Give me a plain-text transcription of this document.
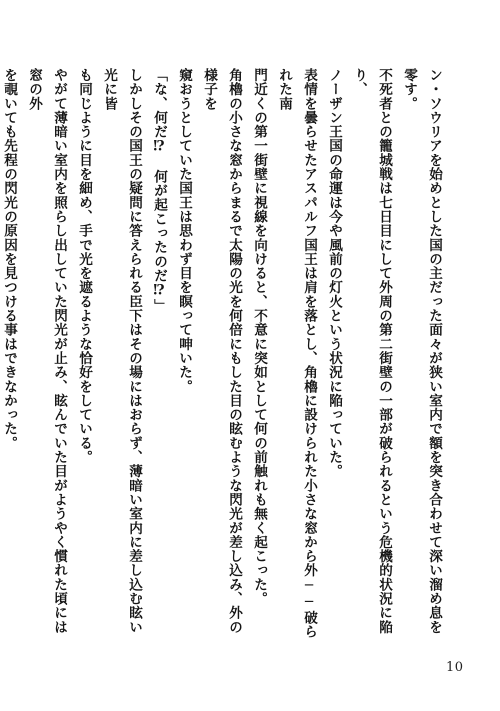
ン・ソウリアを始めとした国の主だった面々が狭い室内で額を突き合わせて深い溜め息を零す。

不死者との籠城戦は七日目にして外周の第二街壁の一部が破られるという危機的状況に陥り、

ノーザン王国の命運は今や風前の灯火という状況に陥っていた。

表情を曇らせたアスパルフ国王は肩を落とし、角櫓に設けられた小さな窓から外──破られた南

門近くの第一街壁に視線を向けると、不意に突如として何の前触れも無く起こった。

角櫓の小さな窓からまるで太陽の光を何倍にもした目の眩むような閃光が差し込み、外の様子を

窺おうとしていた国王は思わず目を瞑って呻いた。

「な、何だ⁉　何が起こったのだ⁉」

しかしその国王の疑問に答えられる臣下はその場にはおらず、薄暗い室内に差し込む眩い光に皆

も同じように目を細め、手で光を遮るような恰好をしている。

やがて薄暗い室内を照らし出していた閃光が止み、眩んでいた目がようやく慣れた頃には窓の外

を覗いても先程の閃光の原因を見つける事はできなかった。

10
